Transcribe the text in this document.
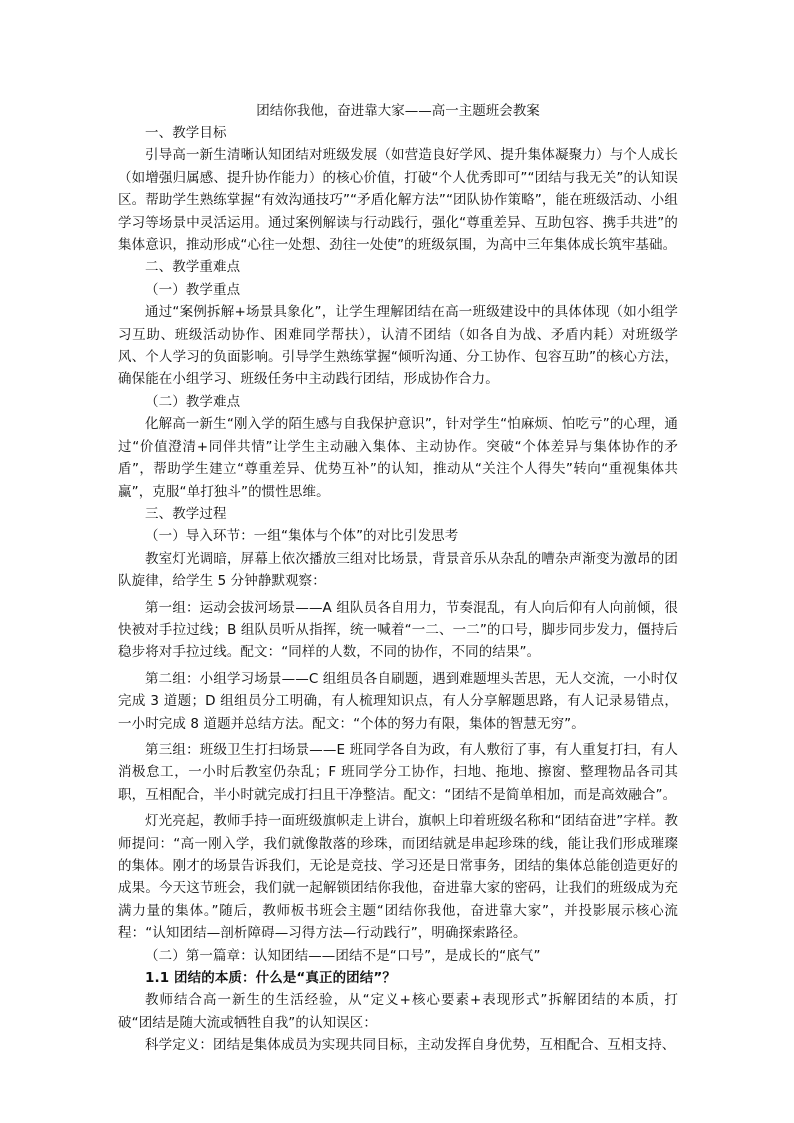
团结你我他，奋进靠大家——高一主题班会教案

一、教学目标

引导高一新生清晰认知团结对班级发展（如营造良好学风、提升集体凝聚力）与个人成长（如增强归属感、提升协作能力）的核心价值，打破“个人优秀即可”“团结与我无关”的认知误区。帮助学生熟练掌握“有效沟通技巧”“矛盾化解方法”“团队协作策略”，能在班级活动、小组学习等场景中灵活运用。通过案例解读与行动践行，强化“尊重差异、互助包容、携手共进”的集体意识，推动形成“心往一处想、劲往一处使”的班级氛围，为高中三年集体成长筑牢基础。

二、教学重难点

（一）教学重点

通过“案例拆解+场景具象化”，让学生理解团结在高一班级建设中的具体体现（如小组学习互助、班级活动协作、困难同学帮扶），认清不团结（如各自为战、矛盾内耗）对班级学风、个人学习的负面影响。引导学生熟练掌握“倾听沟通、分工协作、包容互助”的核心方法，确保能在小组学习、班级任务中主动践行团结，形成协作合力。

（二）教学难点

化解高一新生“刚入学的陌生感与自我保护意识”，针对学生“怕麻烦、怕吃亏”的心理，通过“价值澄清+同伴共情”让学生主动融入集体、主动协作。突破“个体差异与集体协作的矛盾”，帮助学生建立“尊重差异、优势互补”的认知，推动从“关注个人得失”转向“重视集体共赢”，克服“单打独斗”的惯性思维。

三、教学过程

（一）导入环节：一组“集体与个体”的对比引发思考

教室灯光调暗，屏幕上依次播放三组对比场景，背景音乐从杂乱的嘈杂声渐变为激昂的团队旋律，给学生 5 分钟静默观察：

第一组：运动会拔河场景——A 组队员各自用力，节奏混乱，有人向后仰有人向前倾，很快被对手拉过线；B 组队员听从指挥，统一喊着“一二、一二”的口号，脚步同步发力，僵持后稳步将对手拉过线。配文：“同样的人数，不同的协作，不同的结果”。

第二组：小组学习场景——C 组组员各自刷题，遇到难题埋头苦思，无人交流，一小时仅完成 3 道题；D 组组员分工明确，有人梳理知识点，有人分享解题思路，有人记录易错点，一小时完成 8 道题并总结方法。配文：“个体的努力有限，集体的智慧无穷”。

第三组：班级卫生打扫场景——E 班同学各自为政，有人敷衍了事，有人重复打扫，有人消极怠工，一小时后教室仍杂乱；F 班同学分工协作，扫地、拖地、擦窗、整理物品各司其职，互相配合，半小时就完成打扫且干净整洁。配文：“团结不是简单相加，而是高效融合”。

灯光亮起，教师手持一面班级旗帜走上讲台，旗帜上印着班级名称和“团结奋进”字样。教师提问：“高一刚入学，我们就像散落的珍珠，而团结就是串起珍珠的线，能让我们形成璀璨的集体。刚才的场景告诉我们，无论是竞技、学习还是日常事务，团结的集体总能创造更好的成果。今天这节班会，我们就一起解锁团结你我他，奋进靠大家的密码，让我们的班级成为充满力量的集体。”随后，教师板书班会主题“团结你我他，奋进靠大家”，并投影展示核心流程：“认知团结—剖析障碍—习得方法—行动践行”，明确探索路径。

（二）第一篇章：认知团结——团结不是“口号”，是成长的“底气”

1.1 团结的本质：什么是“真正的团结”？

教师结合高一新生的生活经验，从“定义+核心要素+表现形式”拆解团结的本质，打破“团结是随大流或牺牲自我”的认知误区：

科学定义：团结是集体成员为实现共同目标，主动发挥自身优势，互相配合、互相支持、
